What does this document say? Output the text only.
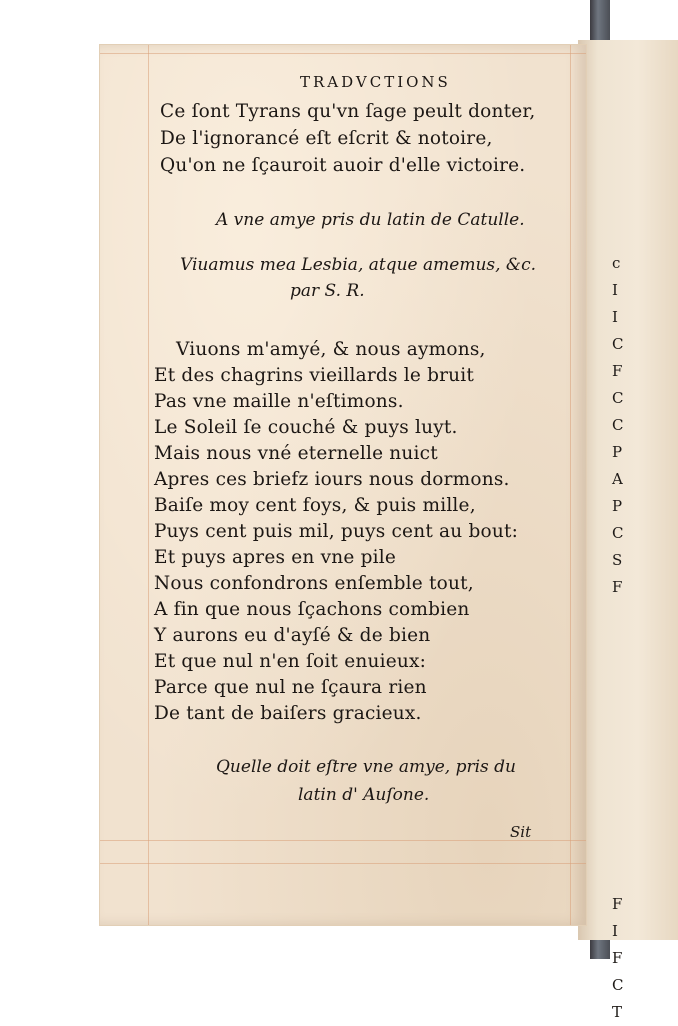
c
I
I
C
F
C
C
P
A
P
C
S
F
F
I
F
C
T
TRADVCTIONS
Ce ſont Tyrans qu'vn ſage peult donter,
De l'ignorancé eſt eſcrit & notoire,
Qu'on ne ſçauroit auoir d'elle victoire.
A vne amye pris du latin de Catulle.
Viuamus mea Lesbia, atque amemus, &c.
par S. R.
Viuons m'amyé, & nous aymons,
Et des chagrins vieillards le bruit
Pas vne maille n'eſtimons.
Le Soleil ſe couché & puys luyt.
Mais nous vné eternelle nuict
Apres ces briefz iours nous dormons.
Baiſe moy cent foys, & puis mille,
Puys cent puis mil, puys cent au bout:
Et puys apres en vne pile
Nous confondrons enſemble tout,
A fin que nous ſçachons combien
Y aurons eu d'ayſé & de bien
Et que nul n'en ſoit enuieux:
Parce que nul ne ſçaura rien
De tant de baiſers gracieux.
Quelle doit eſtre vne amye, pris du
latin d' Auſone.
Sit
